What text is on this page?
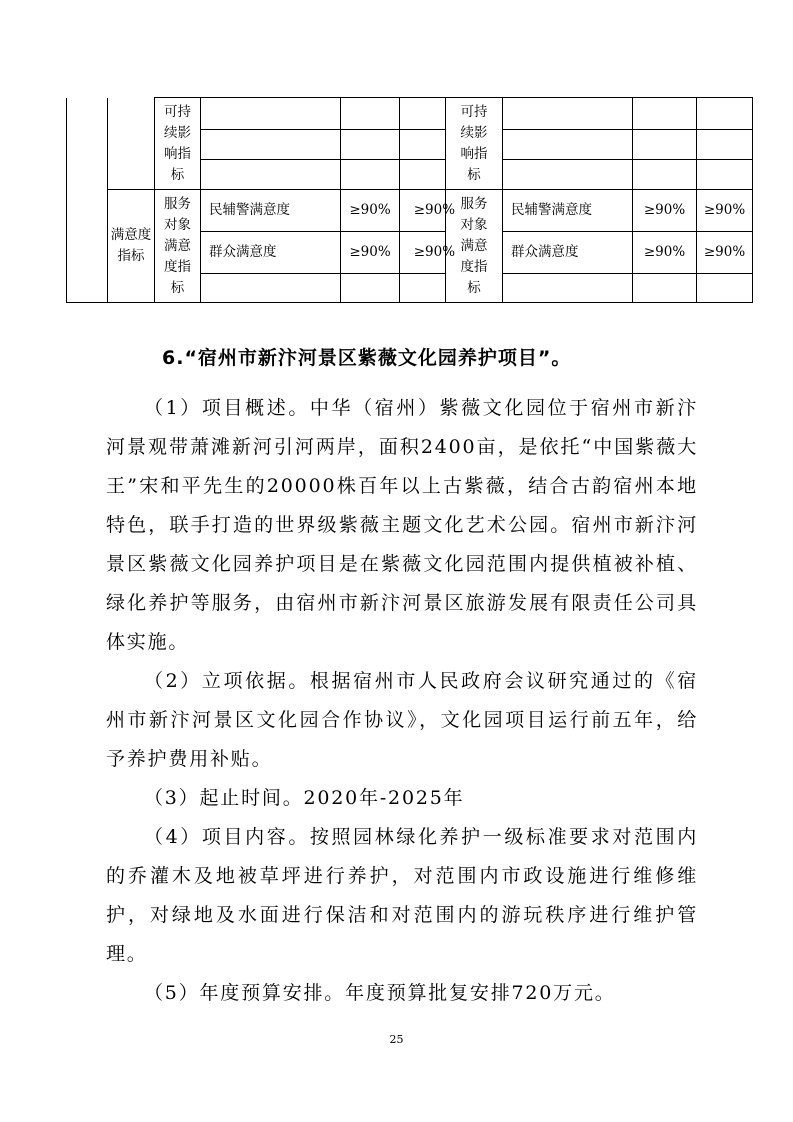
		可持续影响指标				可持续影响指标			

	满意度指标	服务对象满意度指标	民辅警满意度	≥90%	≥90%	服务对象满意度指标	民辅警满意度	≥90%	≥90%
			群众满意度	≥90%	≥90%		群众满意度	≥90%	≥90%

6.“宿州市新汴河景区紫薇文化园养护项目”。

（1）项目概述。中华（宿州）紫薇文化园位于宿州市新汴河景观带萧滩新河引河两岸，面积2400亩，是依托“中国紫薇大王”宋和平先生的20000株百年以上古紫薇，结合古韵宿州本地特色，联手打造的世界级紫薇主题文化艺术公园。宿州市新汴河景区紫薇文化园养护项目是在紫薇文化园范围内提供植被补植、绿化养护等服务，由宿州市新汴河景区旅游发展有限责任公司具体实施。

（2）立项依据。根据宿州市人民政府会议研究通过的《宿州市新汴河景区文化园合作协议》，文化园项目运行前五年，给予养护费用补贴。

（3）起止时间。2020年-2025年

（4）项目内容。按照园林绿化养护一级标准要求对范围内的乔灌木及地被草坪进行养护，对范围内市政设施进行维修维护，对绿地及水面进行保洁和对范围内的游玩秩序进行维护管理。

（5）年度预算安排。年度预算批复安排720万元。

25
